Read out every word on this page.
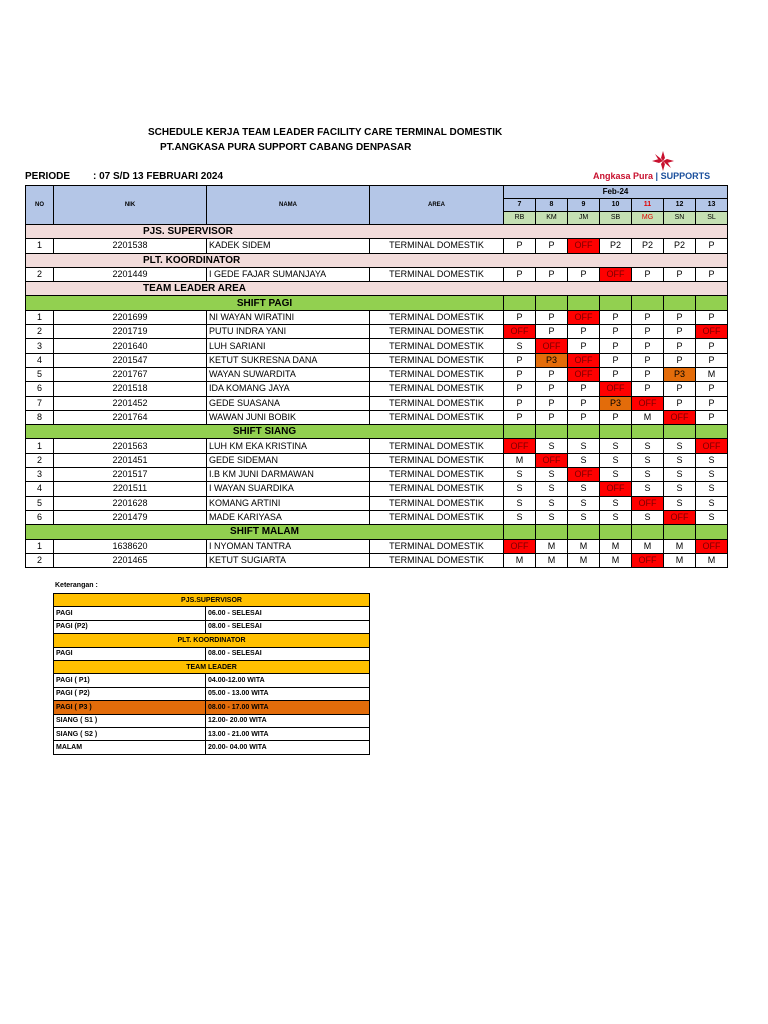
SCHEDULE KERJA TEAM LEADER FACILITY CARE TERMINAL DOMESTIK
PT.ANGKASA PURA SUPPORT CABANG DENPASAR
PERIODE : 07 S/D 13 FEBRUARI 2024	Angkasa Pura | SUPPORTS
NO	NIK	NAMA	AREA	Feb-24						
				7	8	9	10	11	12	13
				RB	KM	JM	SB	MG	SN	SL
PJS. SUPERVISOR										
1	2201538	KADEK SIDEM	TERMINAL DOMESTIK	P	P	OFF	P2	P2	P2	P
PLT. KOORDINATOR										
2	2201449	I GEDE FAJAR SUMANJAYA	TERMINAL DOMESTIK	P	P	P	OFF	P	P	P
TEAM LEADER AREA										
SHIFT PAGI										
1	2201699	NI WAYAN WIRATINI	TERMINAL DOMESTIK	P	P	OFF	P	P	P	P
2	2201719	PUTU INDRA YANI	TERMINAL DOMESTIK	OFF	P	P	P	P	P	OFF
3	2201640	LUH SARIANI	TERMINAL DOMESTIK	S	OFF	P	P	P	P	P
4	2201547	KETUT SUKRESNA DANA	TERMINAL DOMESTIK	P	P3	OFF	P	P	P	P
5	2201767	WAYAN SUWARDITA	TERMINAL DOMESTIK	P	P	OFF	P	P	P3	M
6	2201518	IDA KOMANG JAYA	TERMINAL DOMESTIK	P	P	P	OFF	P	P	P
7	2201452	GEDE SUASANA	TERMINAL DOMESTIK	P	P	P	P3	OFF	P	P
8	2201764	WAWAN JUNI BOBIK	TERMINAL DOMESTIK	P	P	P	P	M	OFF	P
SHIFT SIANG										
1	2201563	LUH KM EKA KRISTINA	TERMINAL DOMESTIK	OFF	S	S	S	S	S	OFF
2	2201451	GEDE SIDEMAN	TERMINAL DOMESTIK	M	OFF	S	S	S	S	S
3	2201517	I.B KM JUNI DARMAWAN	TERMINAL DOMESTIK	S	S	OFF	S	S	S	S
4	2201511	I WAYAN SUARDIKA	TERMINAL DOMESTIK	S	S	S	OFF	S	S	S
5	2201628	KOMANG ARTINI	TERMINAL DOMESTIK	S	S	S	S	OFF	S	S
6	2201479	MADE KARIYASA	TERMINAL DOMESTIK	S	S	S	S	S	OFF	S
SHIFT MALAM										
1	1638620	I NYOMAN TANTRA	TERMINAL DOMESTIK	OFF	M	M	M	M	M	OFF
2	2201465	KETUT SUGIARTA	TERMINAL DOMESTIK	M	M	M	M	OFF	M	M
Keterangan :
PJS.SUPERVISOR	
PAGI	06.00 - SELESAI
PAGI (P2)	08.00 - SELESAI
PLT. KOORDINATOR	
PAGI	08.00 - SELESAI
TEAM LEADER	
PAGI ( P1)	04.00-12.00 WITA
PAGI ( P2)	05.00 - 13.00 WITA
PAGI ( P3 )	08.00 - 17.00 WITA
SIANG ( S1 )	12.00- 20.00 WITA
SIANG ( S2 )	13.00 - 21.00 WITA
MALAM	20.00- 04.00 WITA
